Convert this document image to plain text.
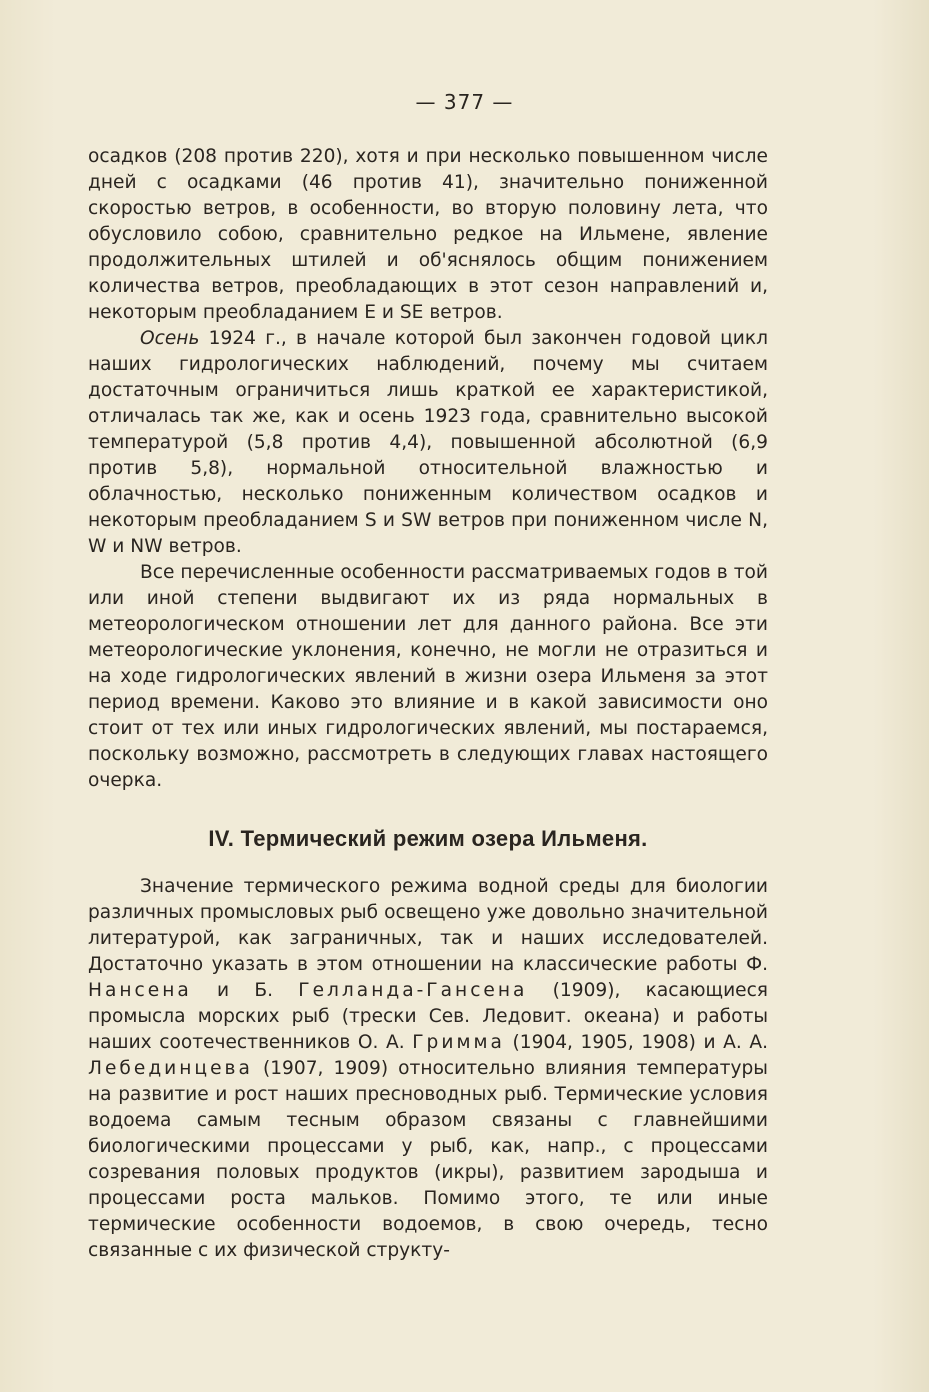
— 377 —

осадков (208 против 220), хотя и при несколько повышенном числе дней с осадками (46 против 41), значительно пониженной скоростью ветров, в особенности, во вторую половину лета, что обусловило собою, сравнительно редкое на Ильмене, явление продолжительных штилей и об'яснялось общим понижением количества ветров, преобладающих в этот сезон направлений и, некоторым преобладанием E и SE ветров.

Осень 1924 г., в начале которой был закончен годовой цикл наших гидрологических наблюдений, почему мы считаем достаточным ограничиться лишь краткой ее характеристикой, отличалась так же, как и осень 1923 года, сравнительно высокой температурой (5,8 против 4,4), повышенной абсолютной (6,9 против 5,8), нормальной относительной влажностью и облачностью, несколько пониженным количеством осадков и некоторым преобладанием S и SW ветров при пониженном числе N, W и NW ветров.

Все перечисленные особенности рассматриваемых годов в той или иной степени выдвигают их из ряда нормальных в метеорологическом отношении лет для данного района. Все эти метеорологические уклонения, конечно, не могли не отразиться и на ходе гидрологических явлений в жизни озера Ильменя за этот период времени. Каково это влияние и в какой зависимости оно стоит от тех или иных гидрологических явлений, мы постараемся, поскольку возможно, рассмотреть в следующих главах настоящего очерка.

IV. Термический режим озера Ильменя.

Значение термического режима водной среды для биологии различных промысловых рыб освещено уже довольно значительной литературой, как заграничных, так и наших исследователей. Достаточно указать в этом отношении на классические работы Ф. Нансена и Б. Гелланда-Гансена (1909), касающиеся промысла морских рыб (трески Сев. Ледовит. океана) и работы наших соотечественников О. А. Гримма (1904, 1905, 1908) и А. А. Лебединцева (1907, 1909) относительно влияния температуры на развитие и рост наших пресноводных рыб. Термические условия водоема самым тесным образом связаны с главнейшими биологическими процессами у рыб, как, напр., с процессами созревания половых продуктов (икры), развитием зародыша и процессами роста мальков. Помимо этого, те или иные термические особенности водоемов, в свою очередь, тесно связанные с их физической структу-
